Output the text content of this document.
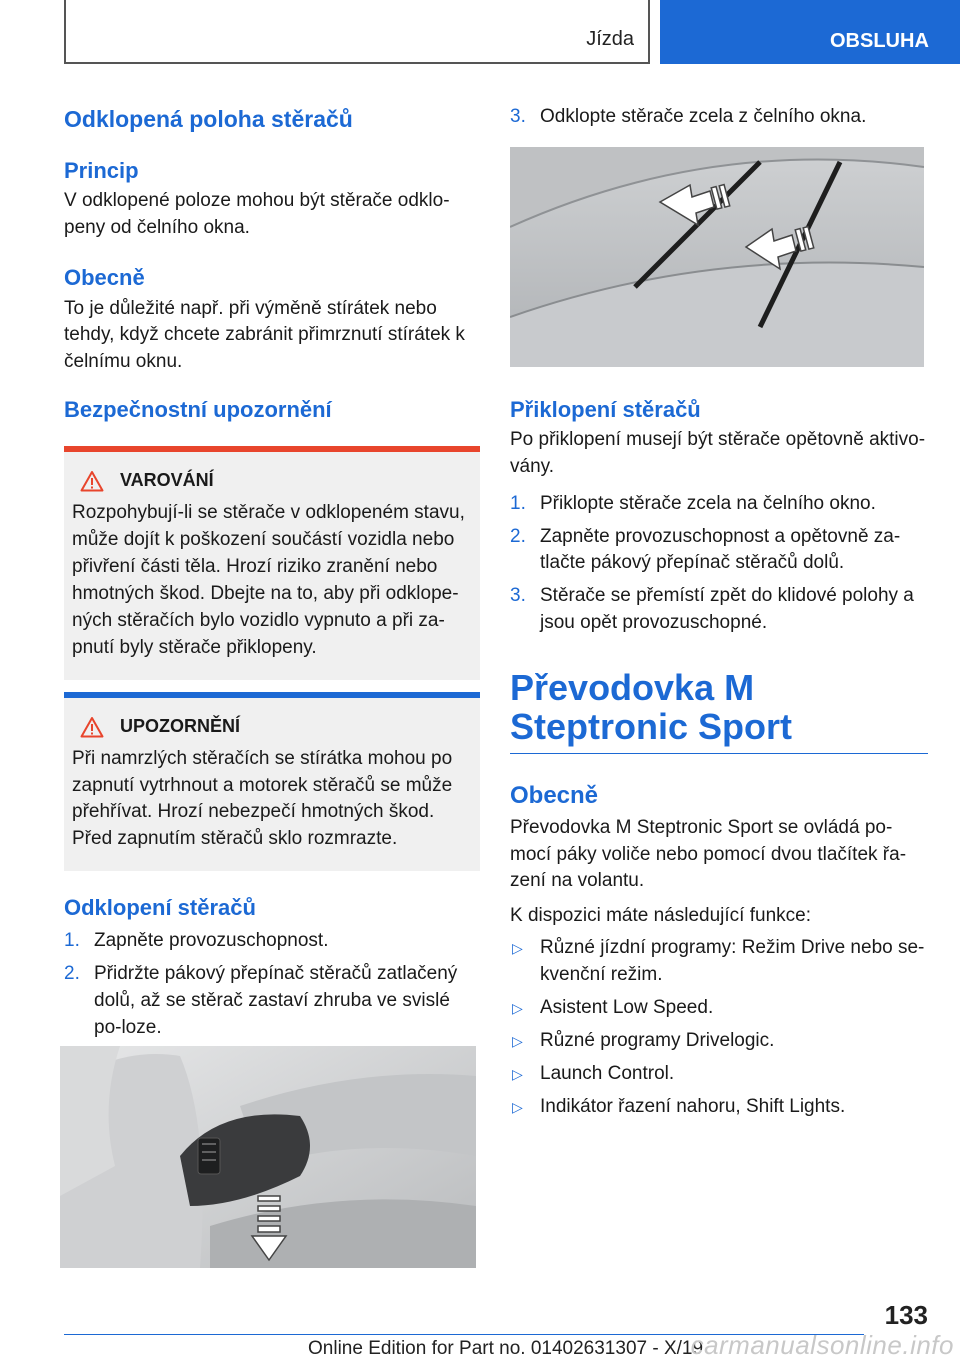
Jízda	OBSLUHA
Odklopená poloha stěračů
Princip

V odklopené poloze mohou být stěrače odklo-peny od čelního okna.

Obecně

To je důležité např. při výměně stírátek nebo tehdy, když chcete zabránit přimrznutí stírátek k čelnímu oknu.

Bezpečnostní upozornění
VAROVÁNÍ

Rozpohybují-li se stěrače v odklopeném stavu, může dojít k poškození součástí vozidla nebo přivření části těla. Hrozí riziko zranění nebo hmotných škod. Dbejte na to, aby při odklope-ných stěračích bylo vozidlo vypnuto a při za-pnutí byly stěrače přiklopeny.

UPOZORNĚNÍ

Při namrzlých stěračích se stírátka mohou po zapnutí vytrhnout a motorek stěračů se může přehřívat. Hrozí nebezpečí hmotných škod. Před zapnutím stěračů sklo rozmrazte.

Odklopení stěračů
1. Zapněte provozuschopnost.
2. Přidržte pákový přepínač stěračů zatlačený dolů, až se stěrač zastaví zhruba ve svislé po-loze.
3. Odklopte stěrače zcela z čelního okna.
Přiklopení stěračů

Po přiklopení musejí být stěrače opětovně aktivo-vány.

1. Přiklopte stěrače zcela na čelního okno.
2. Zapněte provozuschopnost a opětovně za-tlačte pákový přepínač stěračů dolů.
3. Stěrače se přemístí zpět do klidové polohy a jsou opět provozuschopné.
Převodovka M Steptronic Sport
Obecně

Převodovka M Steptronic Sport se ovládá po-mocí páky voliče nebo pomocí dvou tlačítek řa-zení na volantu.

K dispozici máte následující funkce:

▷ Různé jízdní programy: Režim Drive nebo se-kvenční režim.
▷ Asistent Low Speed.
▷ Různé programy Drivelogic.
▷ Launch Control.
▷ Indikátor řazení nahoru, Shift Lights.
133
Online Edition for Part no. 01402631307 - X/19
carmanualsonline.info
